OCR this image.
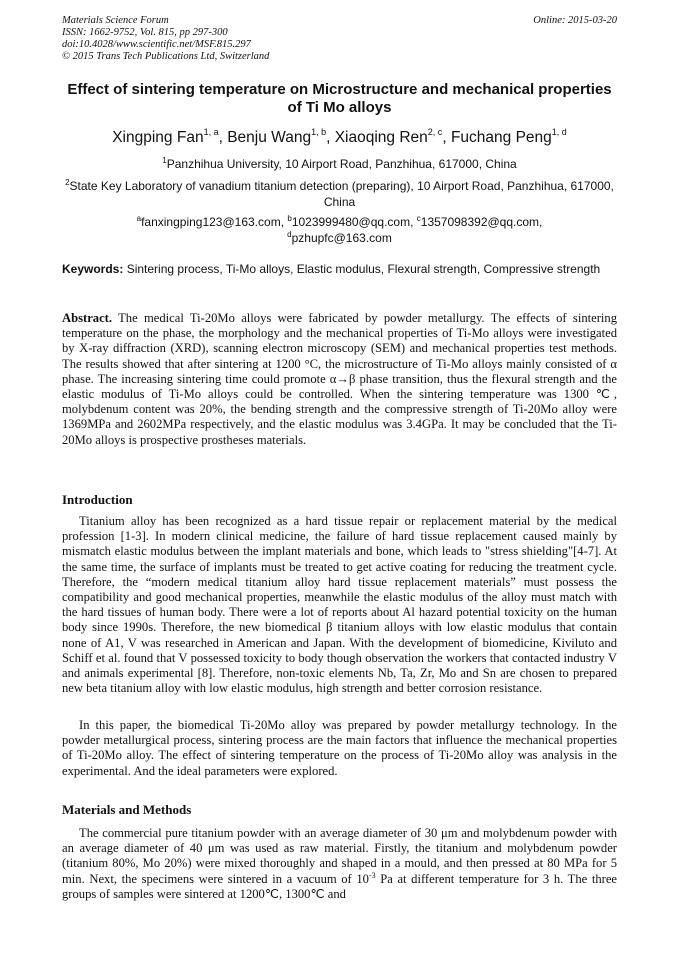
Materials Science Forum
ISSN: 1662-9752, Vol. 815, pp 297-300
doi:10.4028/www.scientific.net/MSF.815.297
© 2015 Trans Tech Publications Ltd, Switzerland
Online: 2015-03-20
Effect of sintering temperature on Microstructure and mechanical properties of Ti Mo alloys
Xingping Fan$^{1, a}$, Benju Wang$^{1, b}$, Xiaoqing Ren$^{2, c}$, Fuchang Peng$^{1, d}$
$^1$Panzhihua University, 10 Airport Road, Panzhihua, 617000, China
$^2$State Key Laboratory of vanadium titanium detection (preparing), 10 Airport Road, Panzhihua, 617000, China
$^a$fanxingping123@163.com, $^b$1023999480@qq.com, $^c$1357098392@qq.com,
$^d$pzhupfc@163.com
Keywords: Sintering process, Ti-Mo alloys, Elastic modulus, Flexural strength, Compressive strength
Abstract. The medical Ti-20Mo alloys were fabricated by powder metallurgy. The effects of sintering temperature on the phase, the morphology and the mechanical properties of Ti-Mo alloys were investigated by X-ray diffraction (XRD), scanning electron microscopy (SEM) and mechanical properties test methods. The results showed that after sintering at 1200 °C, the microstructure of Ti-Mo alloys mainly consisted of α phase. The increasing sintering time could promote α→β phase transition, thus the flexural strength and the elastic modulus of Ti-Mo alloys could be controlled. When the sintering temperature was 1300 ℃, molybdenum content was 20%, the bending strength and the compressive strength of Ti-20Mo alloy were 1369MPa and 2602MPa respectively, and the elastic modulus was 3.4GPa. It may be concluded that the Ti-20Mo alloys is prospective prostheses materials.
Introduction
Titanium alloy has been recognized as a hard tissue repair or replacement material by the medical profession [1-3]. In modern clinical medicine, the failure of hard tissue replacement caused mainly by mismatch elastic modulus between the implant materials and bone, which leads to "stress shielding"[4-7]. At the same time, the surface of implants must be treated to get active coating for reducing the treatment cycle. Therefore, the “modern medical titanium alloy hard tissue replacement materials” must possess the compatibility and good mechanical properties, meanwhile the elastic modulus of the alloy must match with the hard tissues of human body. There were a lot of reports about Al hazard potential toxicity on the human body since 1990s. Therefore, the new biomedical β titanium alloys with low elastic modulus that contain none of A1, V was researched in American and Japan. With the development of biomedicine, Kiviluto and Schiff et al. found that V possessed toxicity to body though observation the workers that contacted industry V and animals experimental [8]. Therefore, non-toxic elements Nb, Ta, Zr, Mo and Sn are chosen to prepared new beta titanium alloy with low elastic modulus, high strength and better corrosion resistance.
In this paper, the biomedical Ti-20Mo alloy was prepared by powder metallurgy technology. In the powder metallurgical process, sintering process are the main factors that influence the mechanical properties of Ti-20Mo alloy. The effect of sintering temperature on the process of Ti-20Mo alloy was analysis in the experimental. And the ideal parameters were explored.
Materials and Methods
The commercial pure titanium powder with an average diameter of 30 μm and molybdenum powder with an average diameter of 40 μm was used as raw material. Firstly, the titanium and molybdenum powder (titanium 80%, Mo 20%) were mixed thoroughly and shaped in a mould, and then pressed at 80 MPa for 5 min. Next, the specimens were sintered in a vacuum of $10^{-3}$ Pa at different temperature for 3 h. The three groups of samples were sintered at 1200℃, 1300℃ and
